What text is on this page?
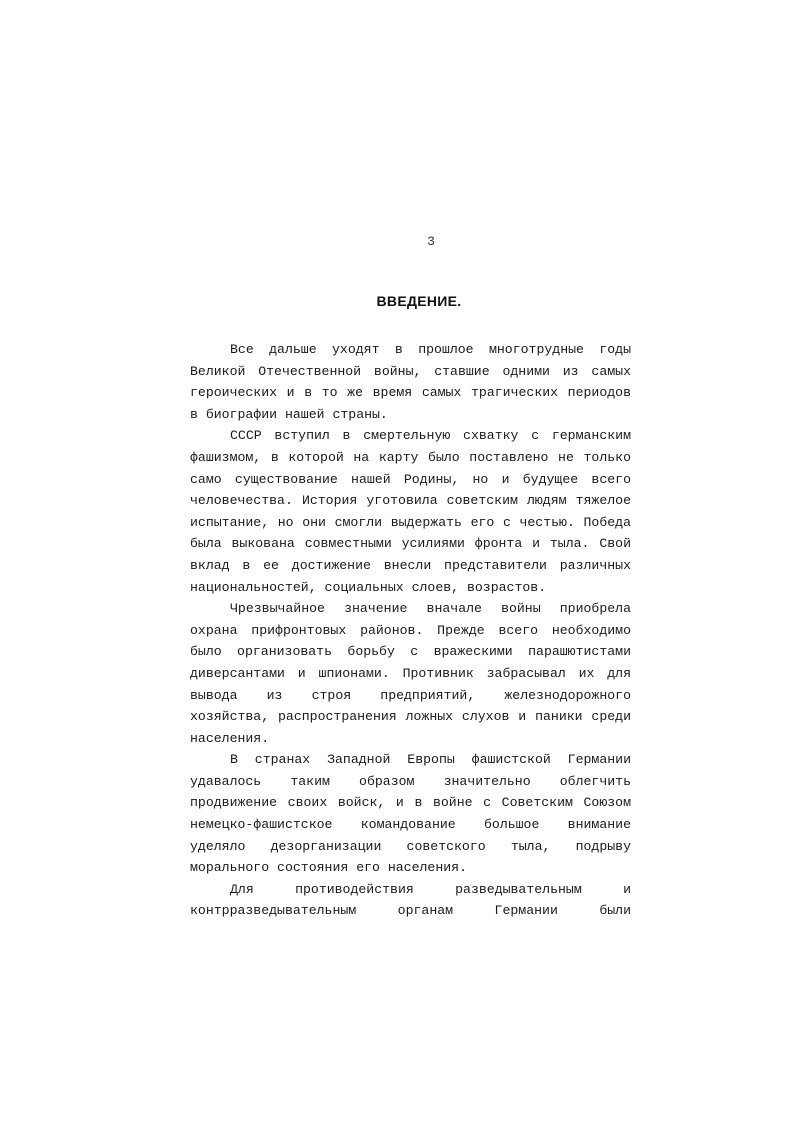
3
ВВЕДЕНИЕ.

Все дальше уходят в прошлое многотрудные годы Великой Отечественной войны, ставшие одними из самых героических и в то же время самых трагических периодов в биографии нашей страны.

СССР вступил в смертельную схватку с германским фашизмом, в которой на карту было поставлено не только само существование нашей Родины, но и будущее всего человечества. История уготовила советским людям тяжелое испытание, но они смогли выдержать его с честью. Победа была выкована совместными усилиями фронта и тыла. Свой вклад в ее достижение внесли представители различных национальностей, социальных слоев, возрастов.

Чрезвычайное значение вначале войны приобрела охрана прифронтовых районов. Прежде всего необходимо было организовать борьбу с вражескими парашютистами диверсантами и шпионами. Противник забрасывал их для вывода из строя предприятий, железнодорожного хозяйства, распространения ложных слухов и паники среди населения.

В странах Западной Европы фашистской Германии удавалось таким образом значительно облегчить продвижение своих войск, и в войне с Советским Союзом немецко-фашистское командование большое внимание уделяло дезорганизации советского тыла, подрыву морального состояния его населения.

Для противодействия разведывательным и контрразведывательным органам Германии были
